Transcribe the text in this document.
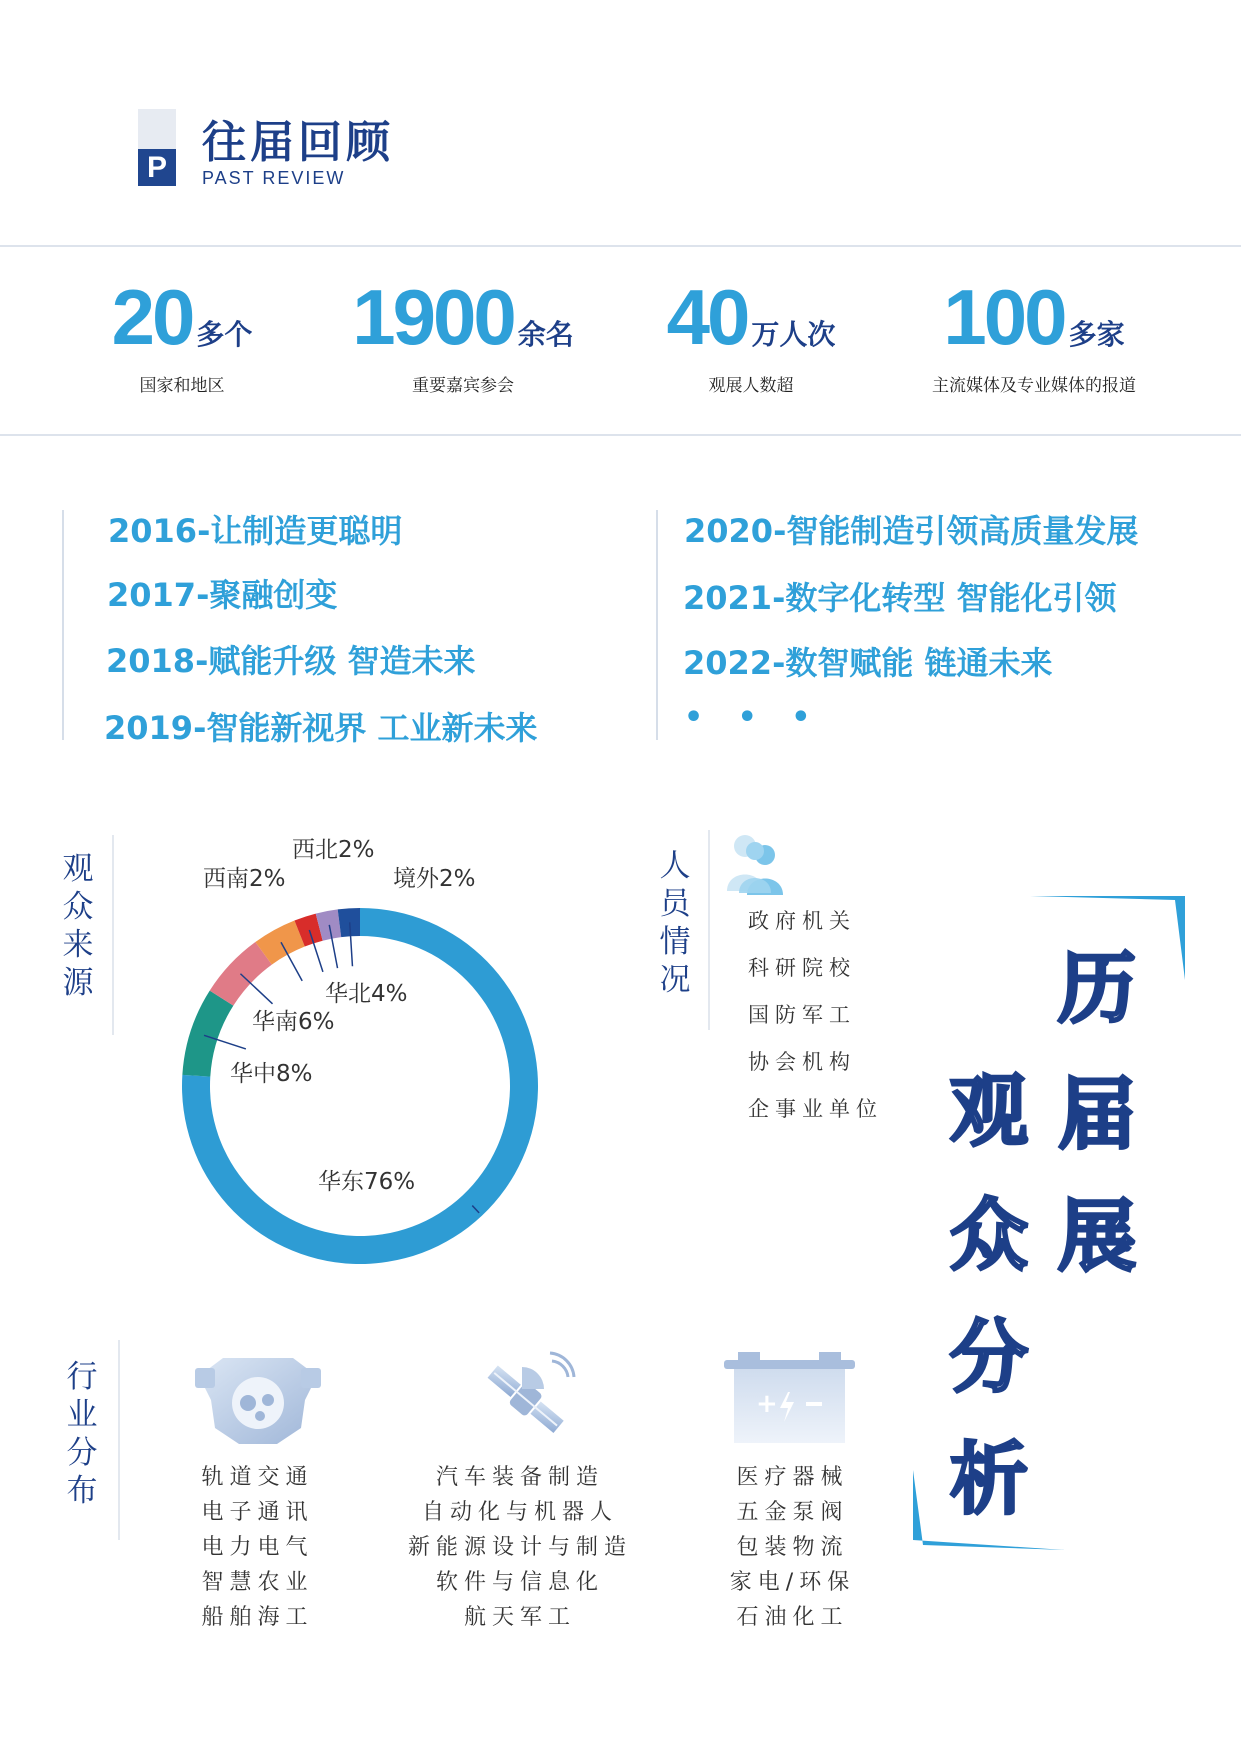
P 往届回顾
PAST REVIEW
20 多个
国家和地区
1900 余名
重要嘉宾参会
40 万人次
观展人数超
100 多家
主流媒体及专业媒体的报道
2016-让制造更聪明
2017-聚融创变
2018-赋能升级 智造未来
2019-智能新视界 工业新未来
2020-智能制造引领高质量发展
2021-数字化转型 智能化引领
2022-数智赋能 链通未来
• • •
观
众
来
源
华东76%
华中8%
华南6%
华北4%
西南2%
西北2%
境外2%	人
员
情
况
政府机关
科研院校
国防军工
协会机构
企事业单位
历
届
展
观
众
分
析
行
业
分
布
+
轨道交通
电子通讯
电力电气
智慧农业
船舶海工
汽车装备制造
自动化与机器人
新能源设计与制造
软件与信息化
航天军工
医疗器械
五金泵阀
包装物流
家电/环保
石油化工
